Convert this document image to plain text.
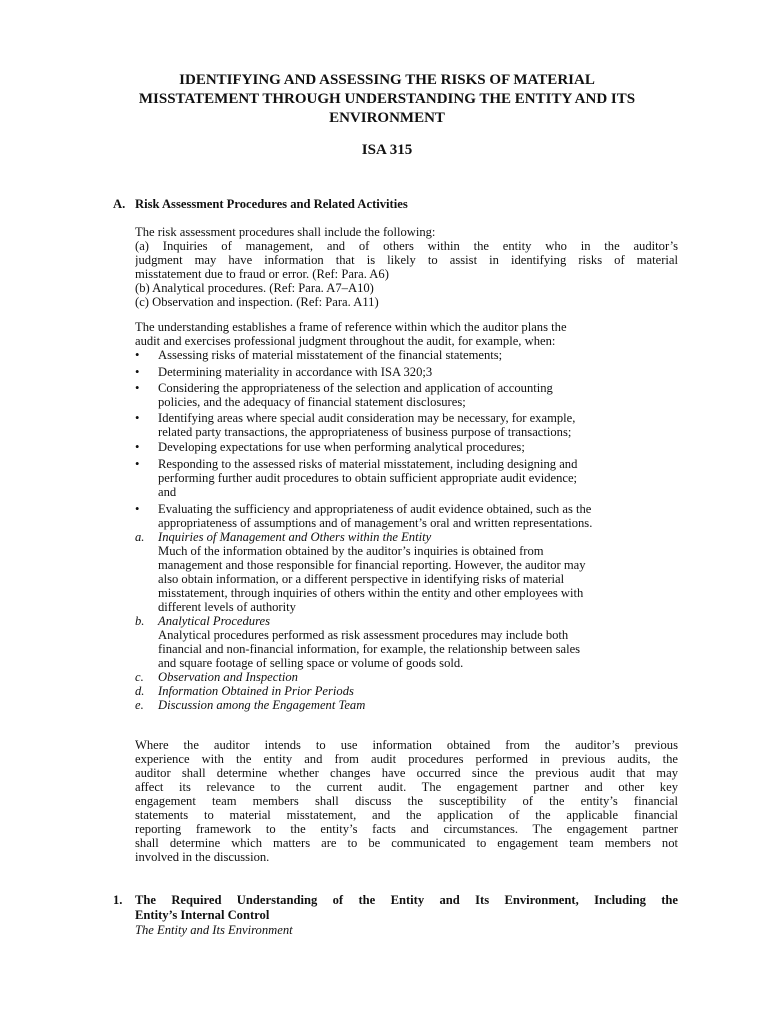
IDENTIFYING AND ASSESSING THE RISKS OF MATERIAL
MISSTATEMENT THROUGH UNDERSTANDING THE ENTITY AND ITS
ENVIRONMENT
ISA 315
A. Risk Assessment Procedures and Related Activities
The risk assessment procedures shall include the following:
(a) Inquiries of management, and of others within the entity who in the auditor’s
judgment may have information that is likely to assist in identifying risks of material
misstatement due to fraud or error. (Ref: Para. A6)
(b) Analytical procedures. (Ref: Para. A7–A10)
(c) Observation and inspection. (Ref: Para. A11)
The understanding establishes a frame of reference within which the auditor plans the
audit and exercises professional judgment throughout the audit, for example, when:
• Assessing risks of material misstatement of the financial statements;
• Determining materiality in accordance with ISA 320;3
• Considering the appropriateness of the selection and application of accounting
policies, and the adequacy of financial statement disclosures;
• Identifying areas where special audit consideration may be necessary, for example,
related party transactions, the appropriateness of business purpose of transactions;
• Developing expectations for use when performing analytical procedures;
• Responding to the assessed risks of material misstatement, including designing and
performing further audit procedures to obtain sufficient appropriate audit evidence;
and
• Evaluating the sufficiency and appropriateness of audit evidence obtained, such as the
appropriateness of assumptions and of management’s oral and written representations.
a. Inquiries of Management and Others within the Entity
Much of the information obtained by the auditor’s inquiries is obtained from
management and those responsible for financial reporting. However, the auditor may
also obtain information, or a different perspective in identifying risks of material
misstatement, through inquiries of others within the entity and other employees with
different levels of authority
b. Analytical Procedures
Analytical procedures performed as risk assessment procedures may include both
financial and non-financial information, for example, the relationship between sales
and square footage of selling space or volume of goods sold.
c. Observation and Inspection
d. Information Obtained in Prior Periods
e. Discussion among the Engagement Team
Where the auditor intends to use information obtained from the auditor’s previous
experience with the entity and from audit procedures performed in previous audits, the
auditor shall determine whether changes have occurred since the previous audit that may
affect its relevance to the current audit. The engagement partner and other key
engagement team members shall discuss the susceptibility of the entity’s financial
statements to material misstatement, and the application of the applicable financial
reporting framework to the entity’s facts and circumstances. The engagement partner
shall determine which matters are to be communicated to engagement team members not
involved in the discussion.
1. The Required Understanding of the Entity and Its Environment, Including the
Entity’s Internal Control
The Entity and Its Environment
